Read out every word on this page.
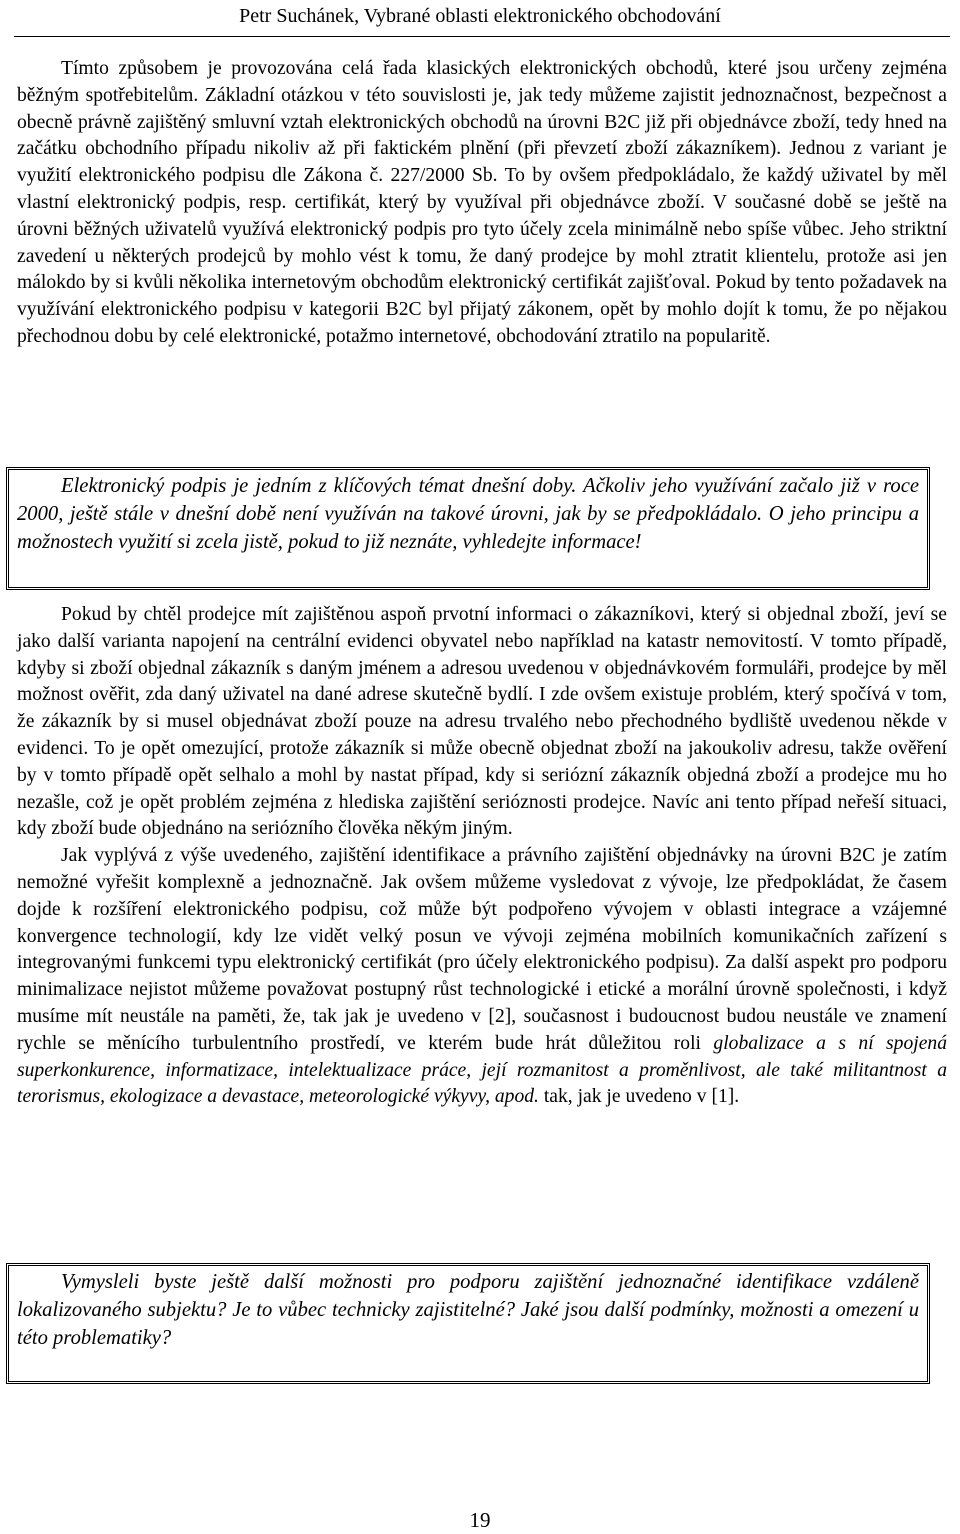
Petr Suchánek, Vybrané oblasti elektronického obchodování

Tímto způsobem je provozována celá řada klasických elektronických obchodů, které jsou určeny zejména běžným spotřebitelům. Základní otázkou v této souvislosti je, jak tedy můžeme zajistit jednoznačnost, bezpečnost a obecně právně zajištěný smluvní vztah elektronických obchodů na úrovni B2C již při objednávce zboží, tedy hned na začátku obchodního případu nikoliv až při faktickém plnění (při převzetí zboží zákazníkem). Jednou z variant je využití elektronického podpisu dle Zákona č. 227/2000 Sb. To by ovšem předpokládalo, že každý uživatel by měl vlastní elektronický podpis, resp. certifikát, který by využíval při objednávce zboží. V současné době se ještě na úrovni běžných uživatelů využívá elektronický podpis pro tyto účely zcela minimálně nebo spíše vůbec. Jeho striktní zavedení u některých prodejců by mohlo vést k tomu, že daný prodejce by mohl ztratit klientelu, protože asi jen málokdo by si kvůli několika internetovým obchodům elektronický certifikát zajišťoval. Pokud by tento požadavek na využívání elektronického podpisu v kategorii B2C byl přijatý zákonem, opět by mohlo dojít k tomu, že po nějakou přechodnou dobu by celé elektronické, potažmo internetové, obchodování ztratilo na popularitě.

Elektronický podpis je jedním z klíčových témat dnešní doby. Ačkoliv jeho využívání začalo již v roce 2000, ještě stále v dnešní době není využíván na takové úrovni, jak by se předpokládalo. O jeho principu a možnostech využití si zcela jistě, pokud to již neznáte, vyhledejte informace!

Pokud by chtěl prodejce mít zajištěnou aspoň prvotní informaci o zákazníkovi, který si objednal zboží, jeví se jako další varianta napojení na centrální evidenci obyvatel nebo například na katastr nemovitostí. V tomto případě, kdyby si zboží objednal zákazník s daným jménem a adresou uvedenou v objednávkovém formuláři, prodejce by měl možnost ověřit, zda daný uživatel na dané adrese skutečně bydlí. I zde ovšem existuje problém, který spočívá v tom, že zákazník by si musel objednávat zboží pouze na adresu trvalého nebo přechodného bydliště uvedenou někde v evidenci. To je opět omezující, protože zákazník si může obecně objednat zboží na jakoukoliv adresu, takže ověření by v tomto případě opět selhalo a mohl by nastat případ, kdy si seriózní zákazník objedná zboží a prodejce mu ho nezašle, což je opět problém zejména z hlediska zajištění serióznosti prodejce. Navíc ani tento případ neřeší situaci, kdy zboží bude objednáno na seriózního člověka někým jiným.

Jak vyplývá z výše uvedeného, zajištění identifikace a právního zajištění objednávky na úrovni B2C je zatím nemožné vyřešit komplexně a jednoznačně. Jak ovšem můžeme vysledovat z vývoje, lze předpokládat, že časem dojde k rozšíření elektronického podpisu, což může být podpořeno vývojem v oblasti integrace a vzájemné konvergence technologií, kdy lze vidět velký posun ve vývoji zejména mobilních komunikačních zařízení s integrovanými funkcemi typu elektronický certifikát (pro účely elektronického podpisu). Za další aspekt pro podporu minimalizace nejistot můžeme považovat postupný růst technologické i etické a morální úrovně společnosti, i když musíme mít neustále na paměti, že, tak jak je uvedeno v [2], současnost i budoucnost budou neustále ve znamení rychle se měnícího turbulentního prostředí, ve kterém bude hrát důležitou roli globalizace a s ní spojená superkonkurence, informatizace, intelektualizace práce, její rozmanitost a proměnlivost, ale také militantnost a terorismus, ekologizace a devastace, meteorologické výkyvy, apod. tak, jak je uvedeno v [1].

Vymysleli byste ještě další možnosti pro podporu zajištění jednoznačné identifikace vzdáleně lokalizovaného subjektu? Je to vůbec technicky zajistitelné? Jaké jsou další podmínky, možnosti a omezení u této problematiky?

19
